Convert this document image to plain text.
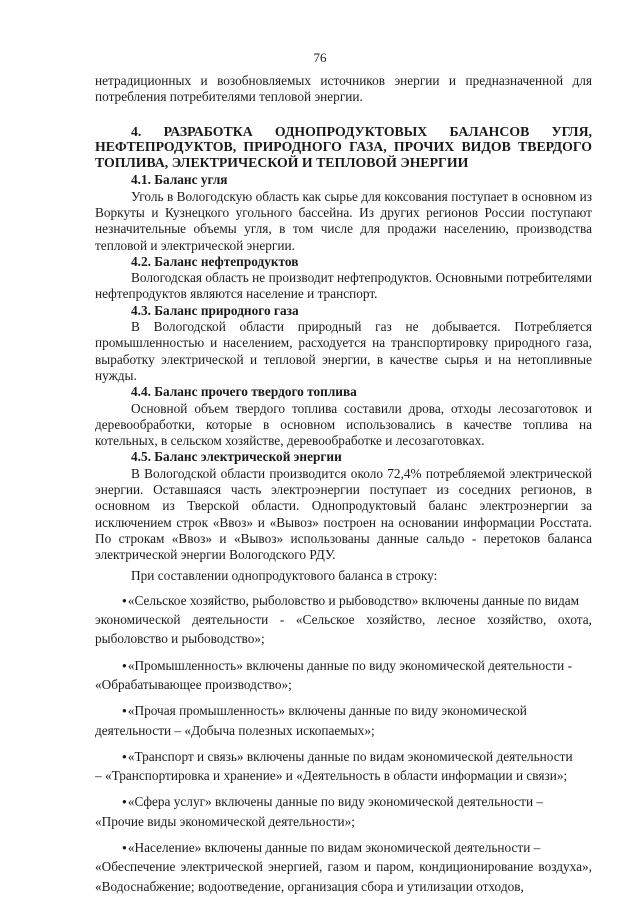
76

нетрадиционных и возобновляемых источников энергии и предназначенной для потребления потребителями тепловой энергии.

4. РАЗРАБОТКА ОДНОПРОДУКТОВЫХ БАЛАНСОВ УГЛЯ, НЕФТЕПРОДУКТОВ, ПРИРОДНОГО ГАЗА, ПРОЧИХ ВИДОВ ТВЕРДОГО ТОПЛИВА, ЭЛЕКТРИЧЕСКОЙ И ТЕПЛОВОЙ ЭНЕРГИИ

4.1. Баланс угля

Уголь в Вологодскую область как сырье для коксования поступает в основном из Воркуты и Кузнецкого угольного бассейна. Из других регионов России поступают незначительные объемы угля, в том числе для продажи населению, производства тепловой и электрической энергии.

4.2. Баланс нефтепродуктов

Вологодская область не производит нефтепродуктов. Основными потребителями нефтепродуктов являются население и транспорт.

4.3. Баланс природного газа

В Вологодской области природный газ не добывается. Потребляется промышленностью и населением, расходуется на транспортировку природного газа, выработку электрической и тепловой энергии, в качестве сырья и на нетопливные нужды.

4.4. Баланс прочего твердого топлива

Основной объем твердого топлива составили дрова, отходы лесозаготовок и деревообработки, которые в основном использовались в качестве топлива на котельных, в сельском хозяйстве, деревообработке и лесозаготовках.

4.5. Баланс электрической энергии

В Вологодской области производится около 72,4% потребляемой электрической энергии. Оставшаяся часть электроэнергии поступает из соседних регионов, в основном из Тверской области. Однопродуктовый баланс электроэнергии за исключением строк «Ввоз» и «Вывоз» построен на основании информации Росстата. По строкам «Ввоз» и «Вывоз» использованы данные сальдо - перетоков баланса электрической энергии Вологодского РДУ.

При составлении однопродуктового баланса в строку:

●«Сельское хозяйство, рыболовство и рыбоводство» включены данные по видам
экономической деятельности - «Сельское хозяйство, лесное хозяйство, охота, рыболовство и рыбоводство»;

●«Промышленность» включены данные по виду экономической деятельности -
«Обрабатывающее производство»;

●«Прочая промышленность» включены данные по виду экономической
деятельности – «Добыча полезных ископаемых»;

●«Транспорт и связь» включены данные по видам экономической деятельности
– «Транспортировка и хранение» и «Деятельность в области информации и связи»;

●«Сфера услуг» включены данные по виду экономической деятельности –
«Прочие виды экономической деятельности»;

●«Население» включены данные по видам экономической деятельности –
«Обеспечение электрической энергией, газом и паром, кондиционирование воздуха», «Водоснабжение; водоотведение, организация сбора и утилизации отходов,
